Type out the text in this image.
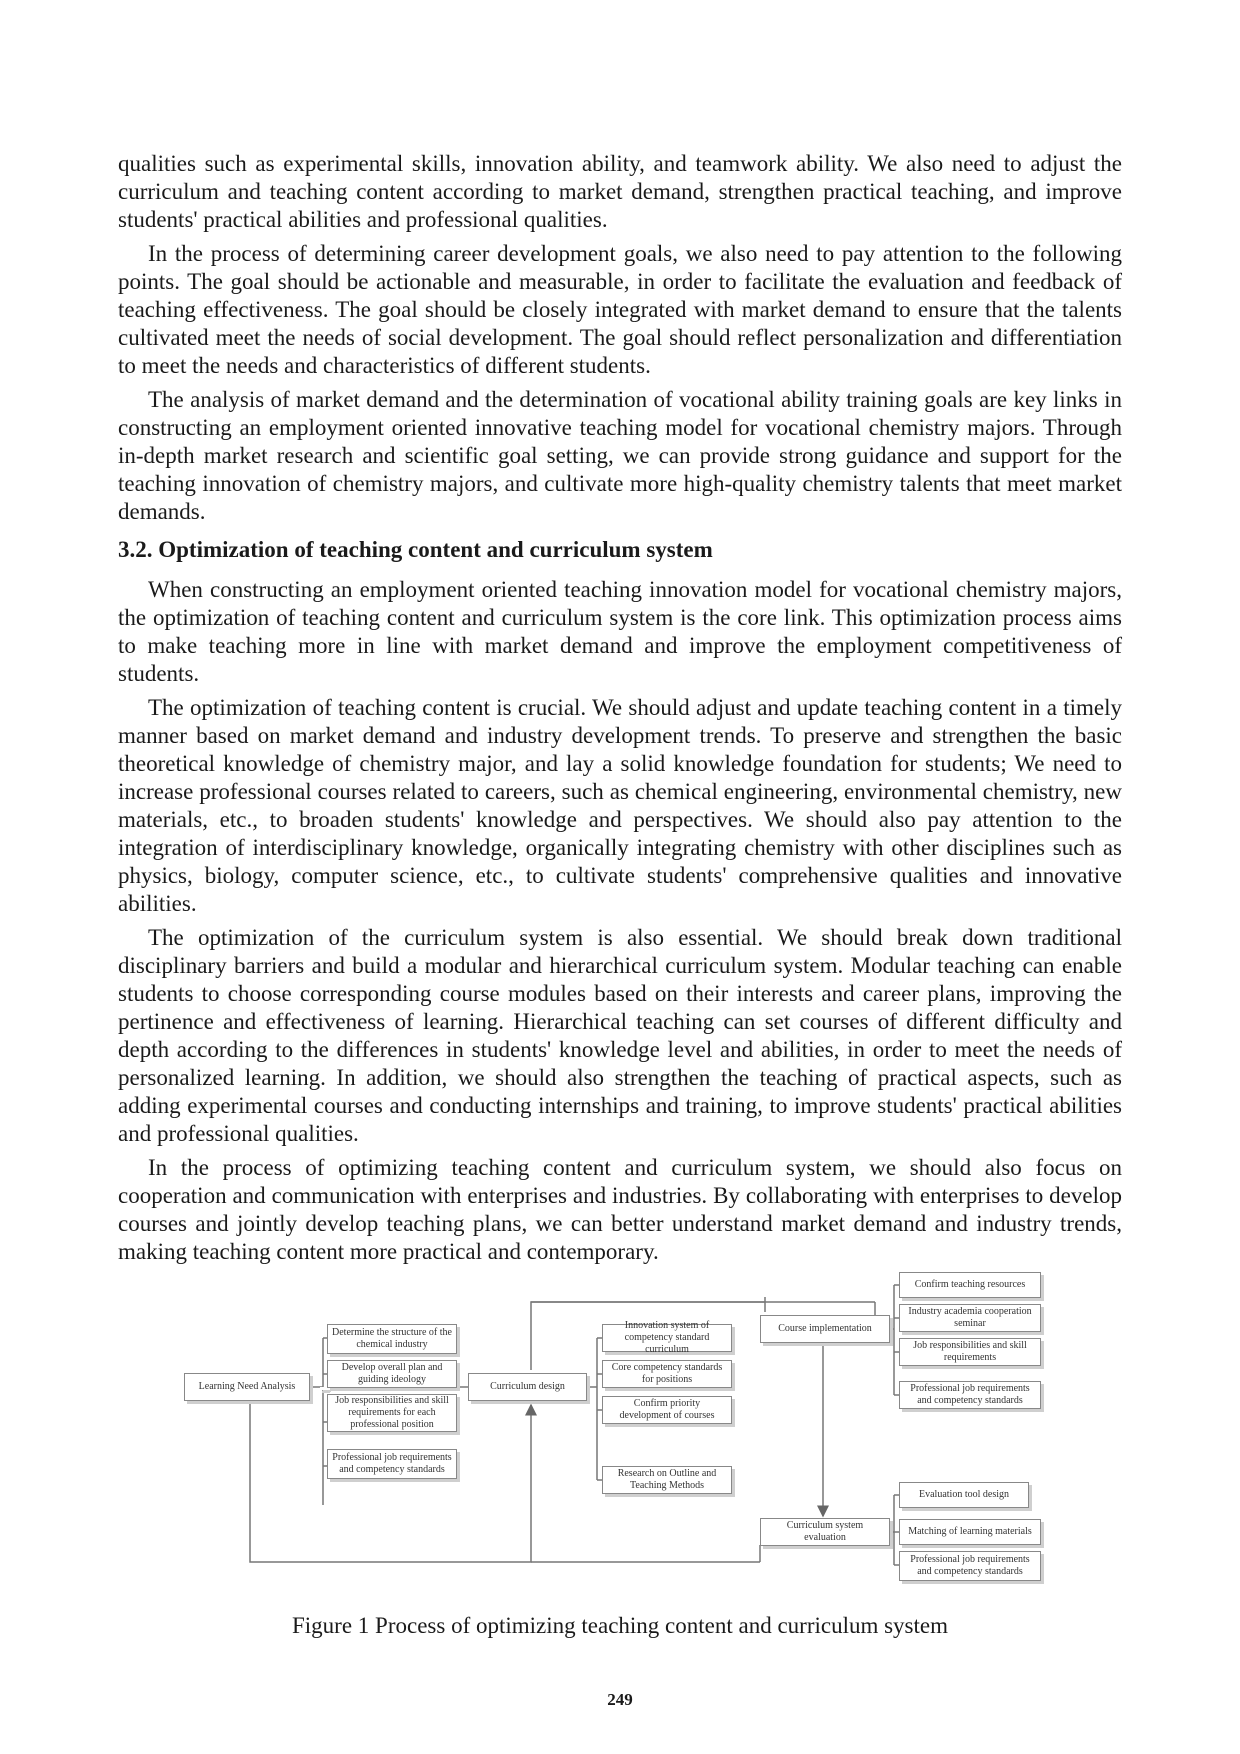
qualities such as experimental skills, innovation ability, and teamwork ability. We also need to adjust the curriculum and teaching content according to market demand, strengthen practical teaching, and improve students' practical abilities and professional qualities.

In the process of determining career development goals, we also need to pay attention to the following points. The goal should be actionable and measurable, in order to facilitate the evaluation and feedback of teaching effectiveness. The goal should be closely integrated with market demand to ensure that the talents cultivated meet the needs of social development. The goal should reflect personalization and differentiation to meet the needs and characteristics of different students.

The analysis of market demand and the determination of vocational ability training goals are key links in constructing an employment oriented innovative teaching model for vocational chemistry majors. Through in-depth market research and scientific goal setting, we can provide strong guidance and support for the teaching innovation of chemistry majors, and cultivate more high-quality chemistry talents that meet market demands.

3.2. Optimization of teaching content and curriculum system

When constructing an employment oriented teaching innovation model for vocational chemistry majors, the optimization of teaching content and curriculum system is the core link. This optimization process aims to make teaching more in line with market demand and improve the employment competitiveness of students.

The optimization of teaching content is crucial. We should adjust and update teaching content in a timely manner based on market demand and industry development trends. To preserve and strengthen the basic theoretical knowledge of chemistry major, and lay a solid knowledge foundation for students; We need to increase professional courses related to careers, such as chemical engineering, environmental chemistry, new materials, etc., to broaden students' knowledge and perspectives. We should also pay attention to the integration of interdisciplinary knowledge, organically integrating chemistry with other disciplines such as physics, biology, computer science, etc., to cultivate students' comprehensive qualities and innovative abilities.

The optimization of the curriculum system is also essential. We should break down traditional disciplinary barriers and build a modular and hierarchical curriculum system. Modular teaching can enable students to choose corresponding course modules based on their interests and career plans, improving the pertinence and effectiveness of learning. Hierarchical teaching can set courses of different difficulty and depth according to the differences in students' knowledge level and abilities, in order to meet the needs of personalized learning. In addition, we should also strengthen the teaching of practical aspects, such as adding experimental courses and conducting internships and training, to improve students' practical abilities and professional qualities.

In the process of optimizing teaching content and curriculum system, we should also focus on cooperation and communication with enterprises and industries. By collaborating with enterprises to develop courses and jointly develop teaching plans, we can better understand market demand and industry trends, making teaching content more practical and contemporary.

Learning Need Analysis
Determine the structure of the chemical industry
Develop overall plan and guiding ideology
Job responsibilities and skill requirements for each professional position
Professional job requirements and competency standards
Curriculum design
Innovation system of competency standard curriculum
Core competency standards for positions
Confirm priority development of courses
Research on Outline and Teaching Methods
Course implementation
Confirm teaching resources
Industry academia cooperation seminar
Job responsibilities and skill requirements
Professional job requirements and competency standards
Curriculum system evaluation
Evaluation tool design
Matching of learning materials
Professional job requirements and competency standards
Figure 1 Process of optimizing teaching content and curriculum system
249
